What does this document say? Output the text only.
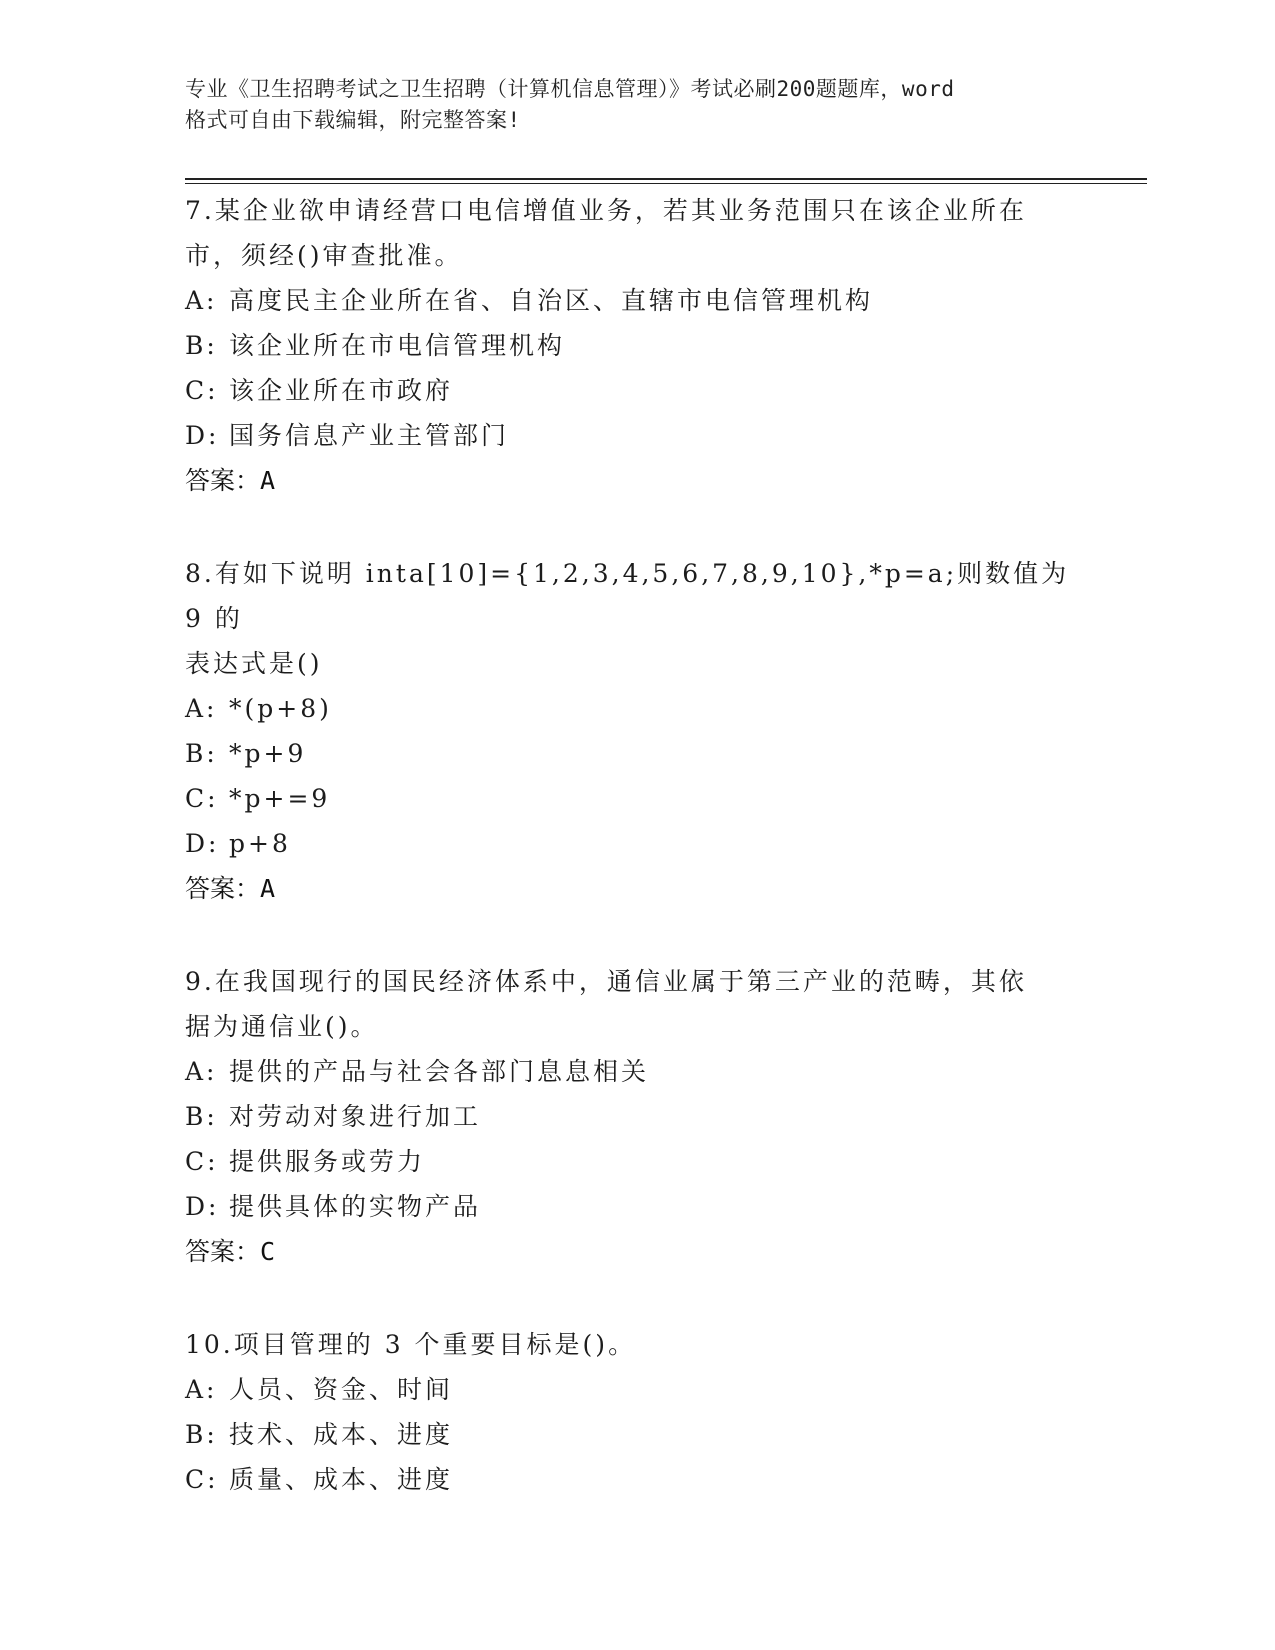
专业《卫生招聘考试之卫生招聘（计算机信息管理）》考试必刷200题题库，word
格式可自由下载编辑，附完整答案!

7.某企业欲申请经营口电信增值业务，若其业务范围只在该企业所在

市，须经()审查批准。

A: 高度民主企业所在省、自治区、直辖市电信管理机构

B: 该企业所在市电信管理机构

C: 该企业所在市政府

D: 国务信息产业主管部门

答案：A

8.有如下说明 inta[10]={1,2,3,4,5,6,7,8,9,10},*p=a;则数值为 9 的

表达式是()

A: *(p+8)

B: *p+9

C: *p+=9

D: p+8

答案：A

9.在我国现行的国民经济体系中，通信业属于第三产业的范畴，其依

据为通信业()。

A: 提供的产品与社会各部门息息相关

B: 对劳动对象进行加工

C: 提供服务或劳力

D: 提供具体的实物产品

答案：C

10.项目管理的 3 个重要目标是()。

A: 人员、资金、时间

B: 技术、成本、进度

C: 质量、成本、进度
